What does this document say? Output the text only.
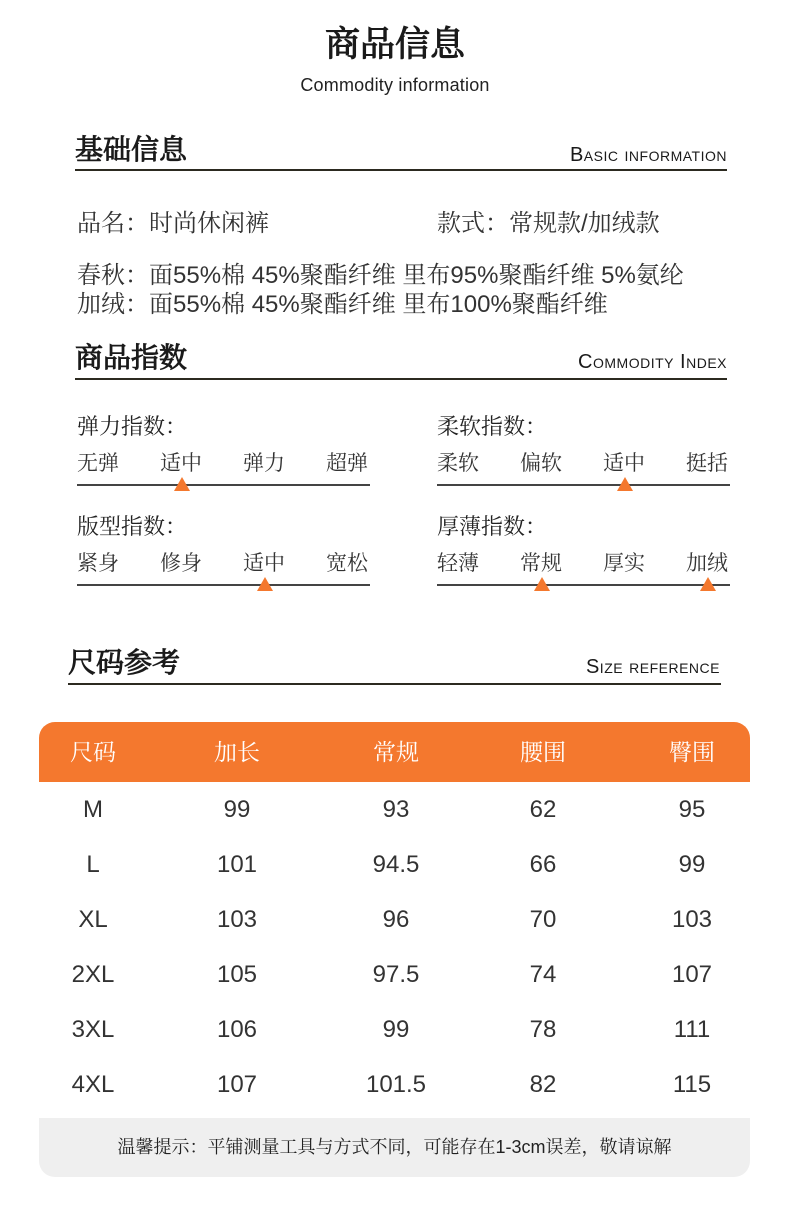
商品信息
Commodity information
基础信息	Basic information
品名：时尚休闲裤	款式：常规款/加绒款
春秋：面55%棉 45%聚酯纤维 里布95%聚酯纤维 5%氨纶
加绒：面55%棉 45%聚酯纤维 里布100%聚酯纤维
商品指数	Commodity Index
弹力指数：
无弹 适中 弹力 超弹
柔软指数：
柔软 偏软 适中 挺括
版型指数：
紧身 修身 适中 宽松
厚薄指数：
轻薄 常规 厚实 加绒
尺码参考	Size reference
尺码	加长	常规	腰围	臀围
M	99	93	62	95
L	101	94.5	66	99
XL	103	96	70	103
2XL	105	97.5	74	107
3XL	106	99	78	111
4XL	107	101.5	82	115
温馨提示：平铺测量工具与方式不同，可能存在1-3cm误差，敬请谅解
